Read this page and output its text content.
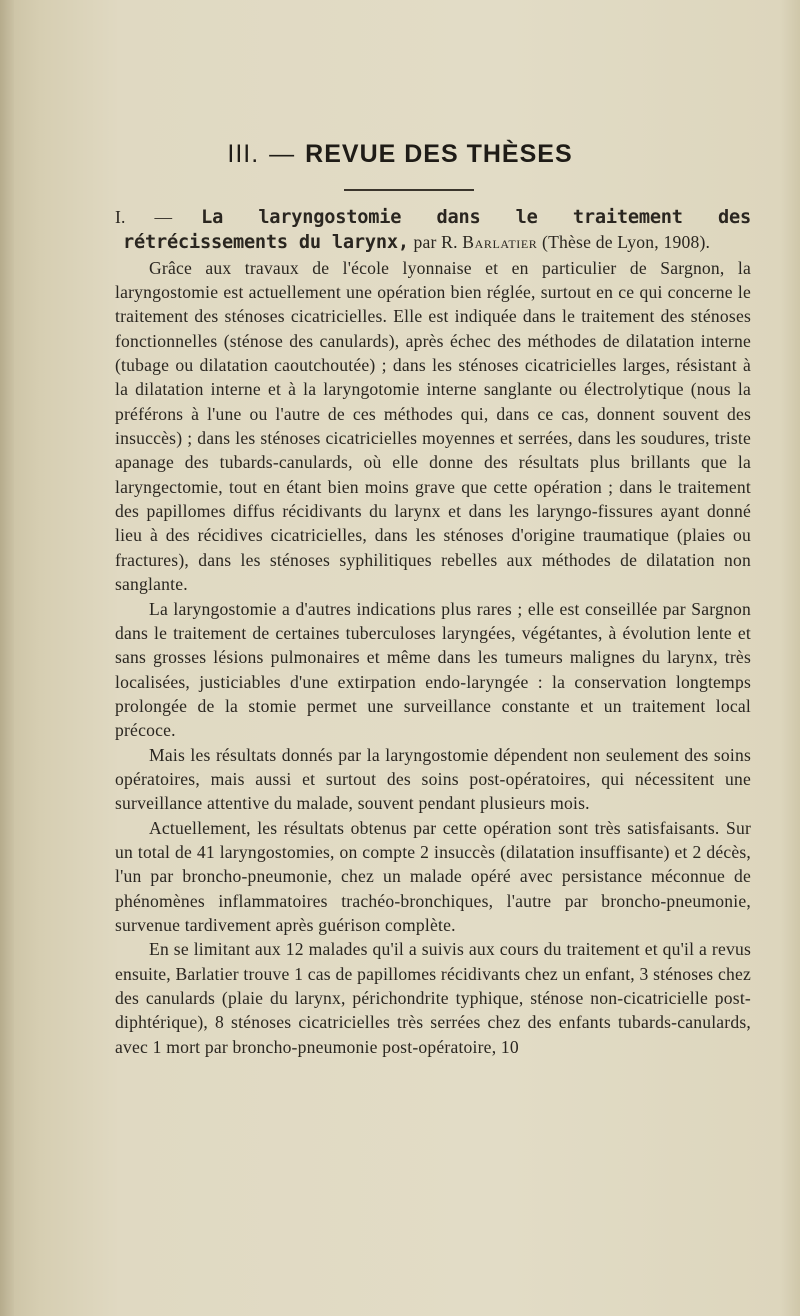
III. — REVUE DES THÈSES

I. — La laryngostomie dans le traitement des rétrécissements du larynx, par R. Barlatier (Thèse de Lyon, 1908).

Grâce aux travaux de l'école lyonnaise et en particulier de Sargnon, la laryngostomie est actuellement une opération bien réglée, surtout en ce qui concerne le traitement des sténoses cicatricielles. Elle est indiquée dans le traitement des sténoses fonctionnelles (sténose des canulards), après échec des méthodes de dilatation interne (tubage ou dilatation caoutchoutée) ; dans les sténoses cicatricielles larges, résistant à la dilatation interne et à la laryngotomie interne sanglante ou électrolytique (nous la préférons à l'une ou l'autre de ces méthodes qui, dans ce cas, donnent souvent des insuccès) ; dans les sténoses cicatricielles moyennes et serrées, dans les soudures, triste apanage des tubards-canulards, où elle donne des résultats plus brillants que la laryngectomie, tout en étant bien moins grave que cette opération ; dans le traitement des papillomes diffus récidivants du larynx et dans les laryngo-fissures ayant donné lieu à des récidives cicatricielles, dans les sténoses d'origine traumatique (plaies ou fractures), dans les sténoses syphilitiques rebelles aux méthodes de dilatation non sanglante.

La laryngostomie a d'autres indications plus rares ; elle est conseillée par Sargnon dans le traitement de certaines tuberculoses laryngées, végétantes, à évolution lente et sans grosses lésions pulmonaires et même dans les tumeurs malignes du larynx, très localisées, justiciables d'une extirpation endo-laryngée : la conservation longtemps prolongée de la stomie permet une surveillance constante et un traitement local précoce.

Mais les résultats donnés par la laryngostomie dépendent non seulement des soins opératoires, mais aussi et surtout des soins post-opératoires, qui nécessitent une surveillance attentive du malade, souvent pendant plusieurs mois.

Actuellement, les résultats obtenus par cette opération sont très satisfaisants. Sur un total de 41 laryngostomies, on compte 2 insuccès (dilatation insuffisante) et 2 décès, l'un par broncho-pneumonie, chez un malade opéré avec persistance méconnue de phénomènes inflammatoires trachéo-bronchiques, l'autre par broncho-pneumonie, survenue tardivement après guérison complète.

En se limitant aux 12 malades qu'il a suivis aux cours du traitement et qu'il a revus ensuite, Barlatier trouve 1 cas de papillomes récidivants chez un enfant, 3 sténoses chez des canulards (plaie du larynx, périchondrite typhique, sténose non-cicatricielle post-diphtérique), 8 sténoses cicatricielles très serrées chez des enfants tubards-canulards, avec 1 mort par broncho-pneumonie post-opératoire, 10
